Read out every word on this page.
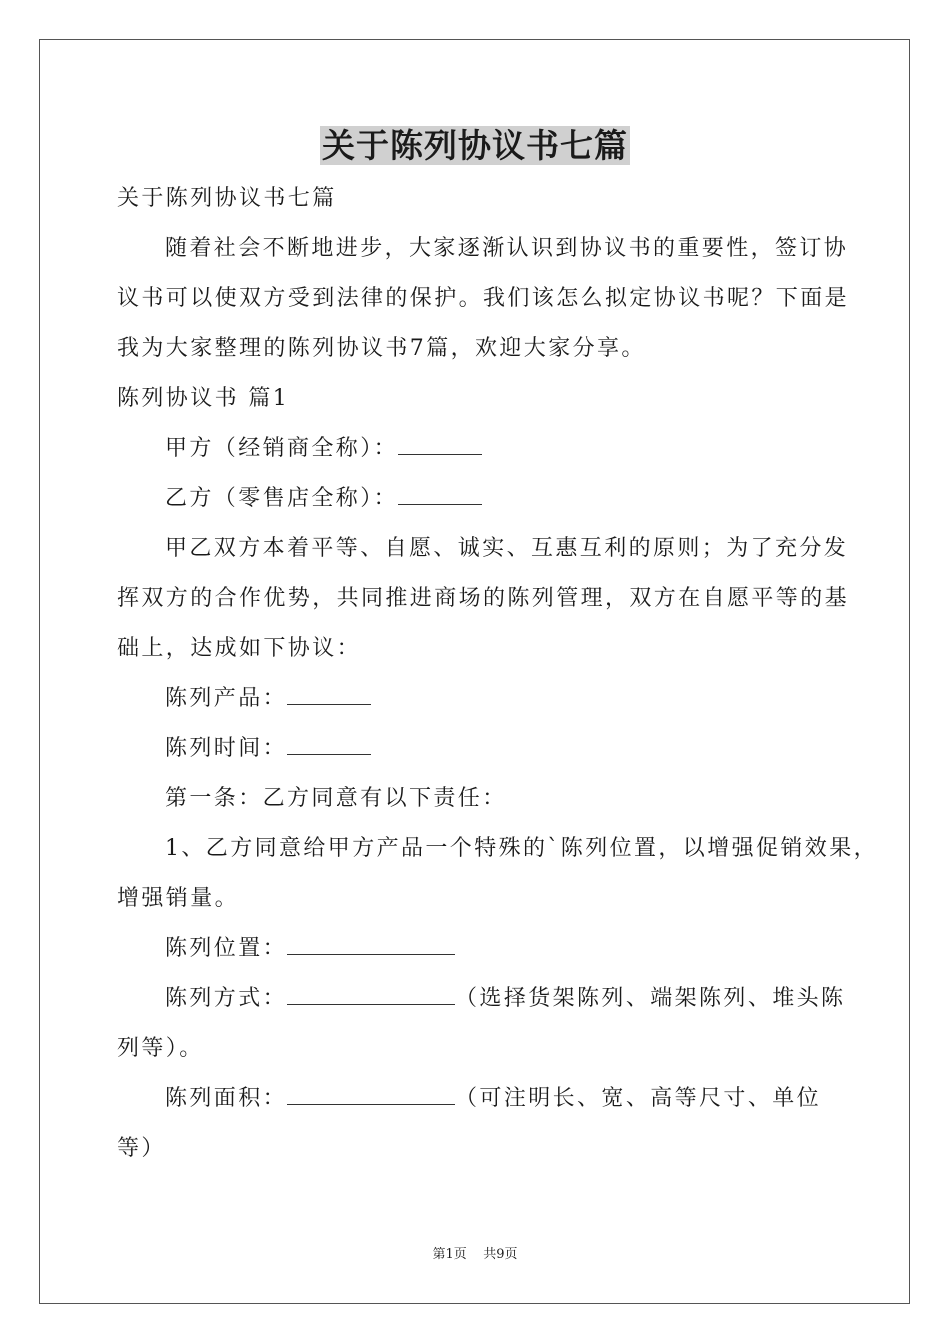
关于陈列协议书七篇
关于陈列协议书七篇
随着社会不断地进步，大家逐渐认识到协议书的重要性，签订协
议书可以使双方受到法律的保护。我们该怎么拟定协议书呢？下面是
我为大家整理的陈列协议书7篇，欢迎大家分享。
陈列协议书 篇1
甲方（经销商全称）：
乙方（零售店全称）：
甲乙双方本着平等、自愿、诚实、互惠互利的原则；为了充分发
挥双方的合作优势，共同推进商场的陈列管理，双方在自愿平等的基
础上，达成如下协议：
陈列产品：
陈列时间：
第一条：乙方同意有以下责任：
1、乙方同意给甲方产品一个特殊的`陈列位置，以增强促销效果，
增强销量。
陈列位置：
陈列方式：	（选择货架陈列、端架陈列、堆头陈
列等）。
陈列面积：	（可注明长、宽、高等尺寸、单位
等）
第1页 共9页
